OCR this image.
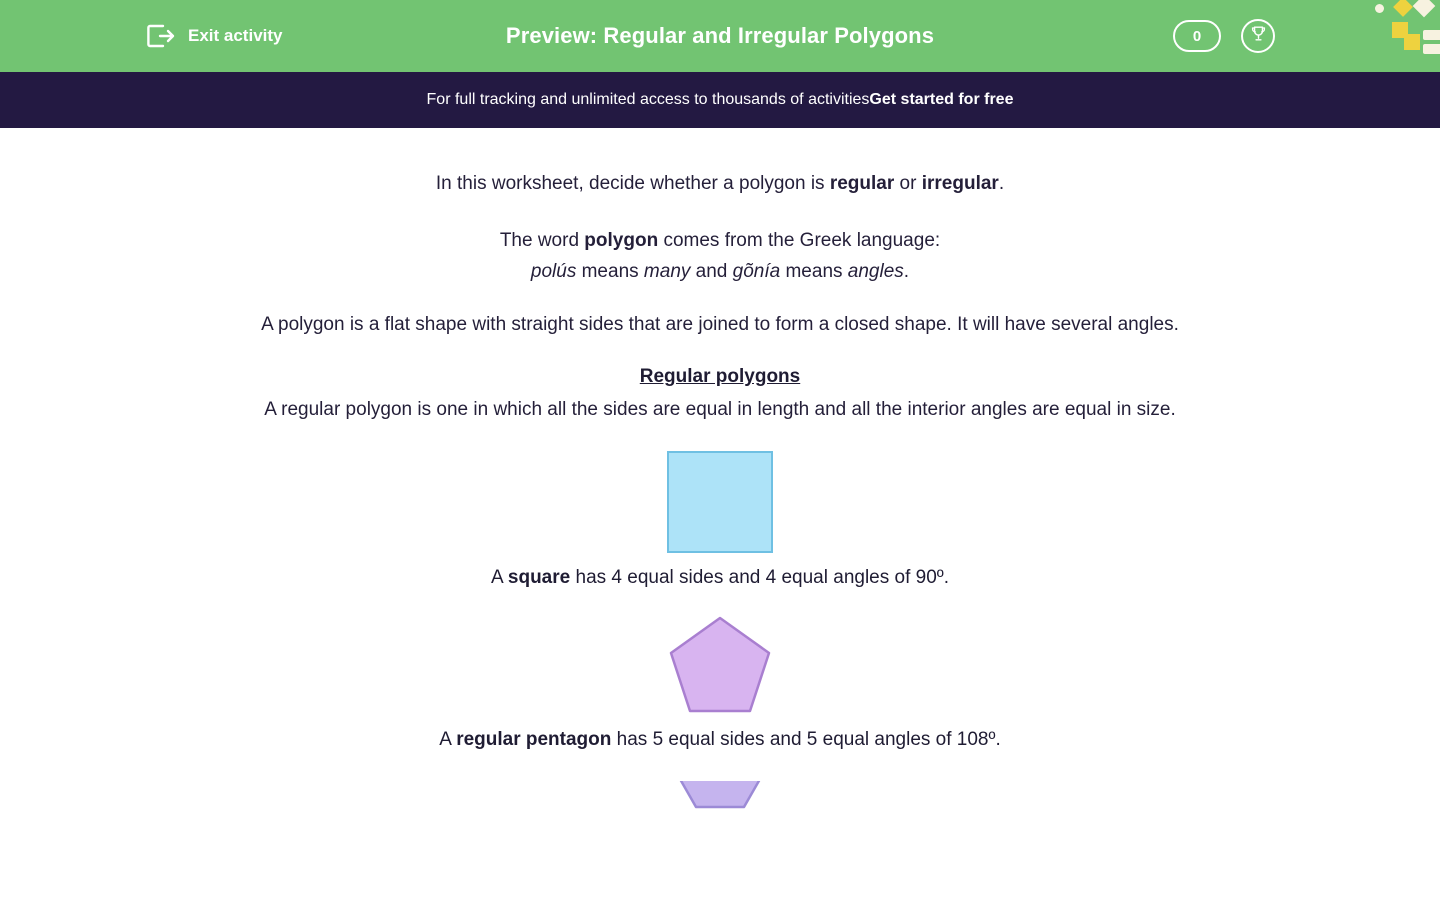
Exit activity	Preview: Regular and Irregular Polygons	0
For full tracking and unlimited access to thousands of activities Get started for free

In this worksheet, decide whether a polygon is regular or irregular.

The word polygon comes from the Greek language:
polús means many and gõnía means angles.

A polygon is a flat shape with straight sides that are joined to form a closed shape. It will have several angles.

Regular polygons

A regular polygon is one in which all the sides are equal in length and all the interior angles are equal in size.

A square has 4 equal sides and 4 equal angles of 90º.

A regular pentagon has 5 equal sides and 5 equal angles of 108º.
